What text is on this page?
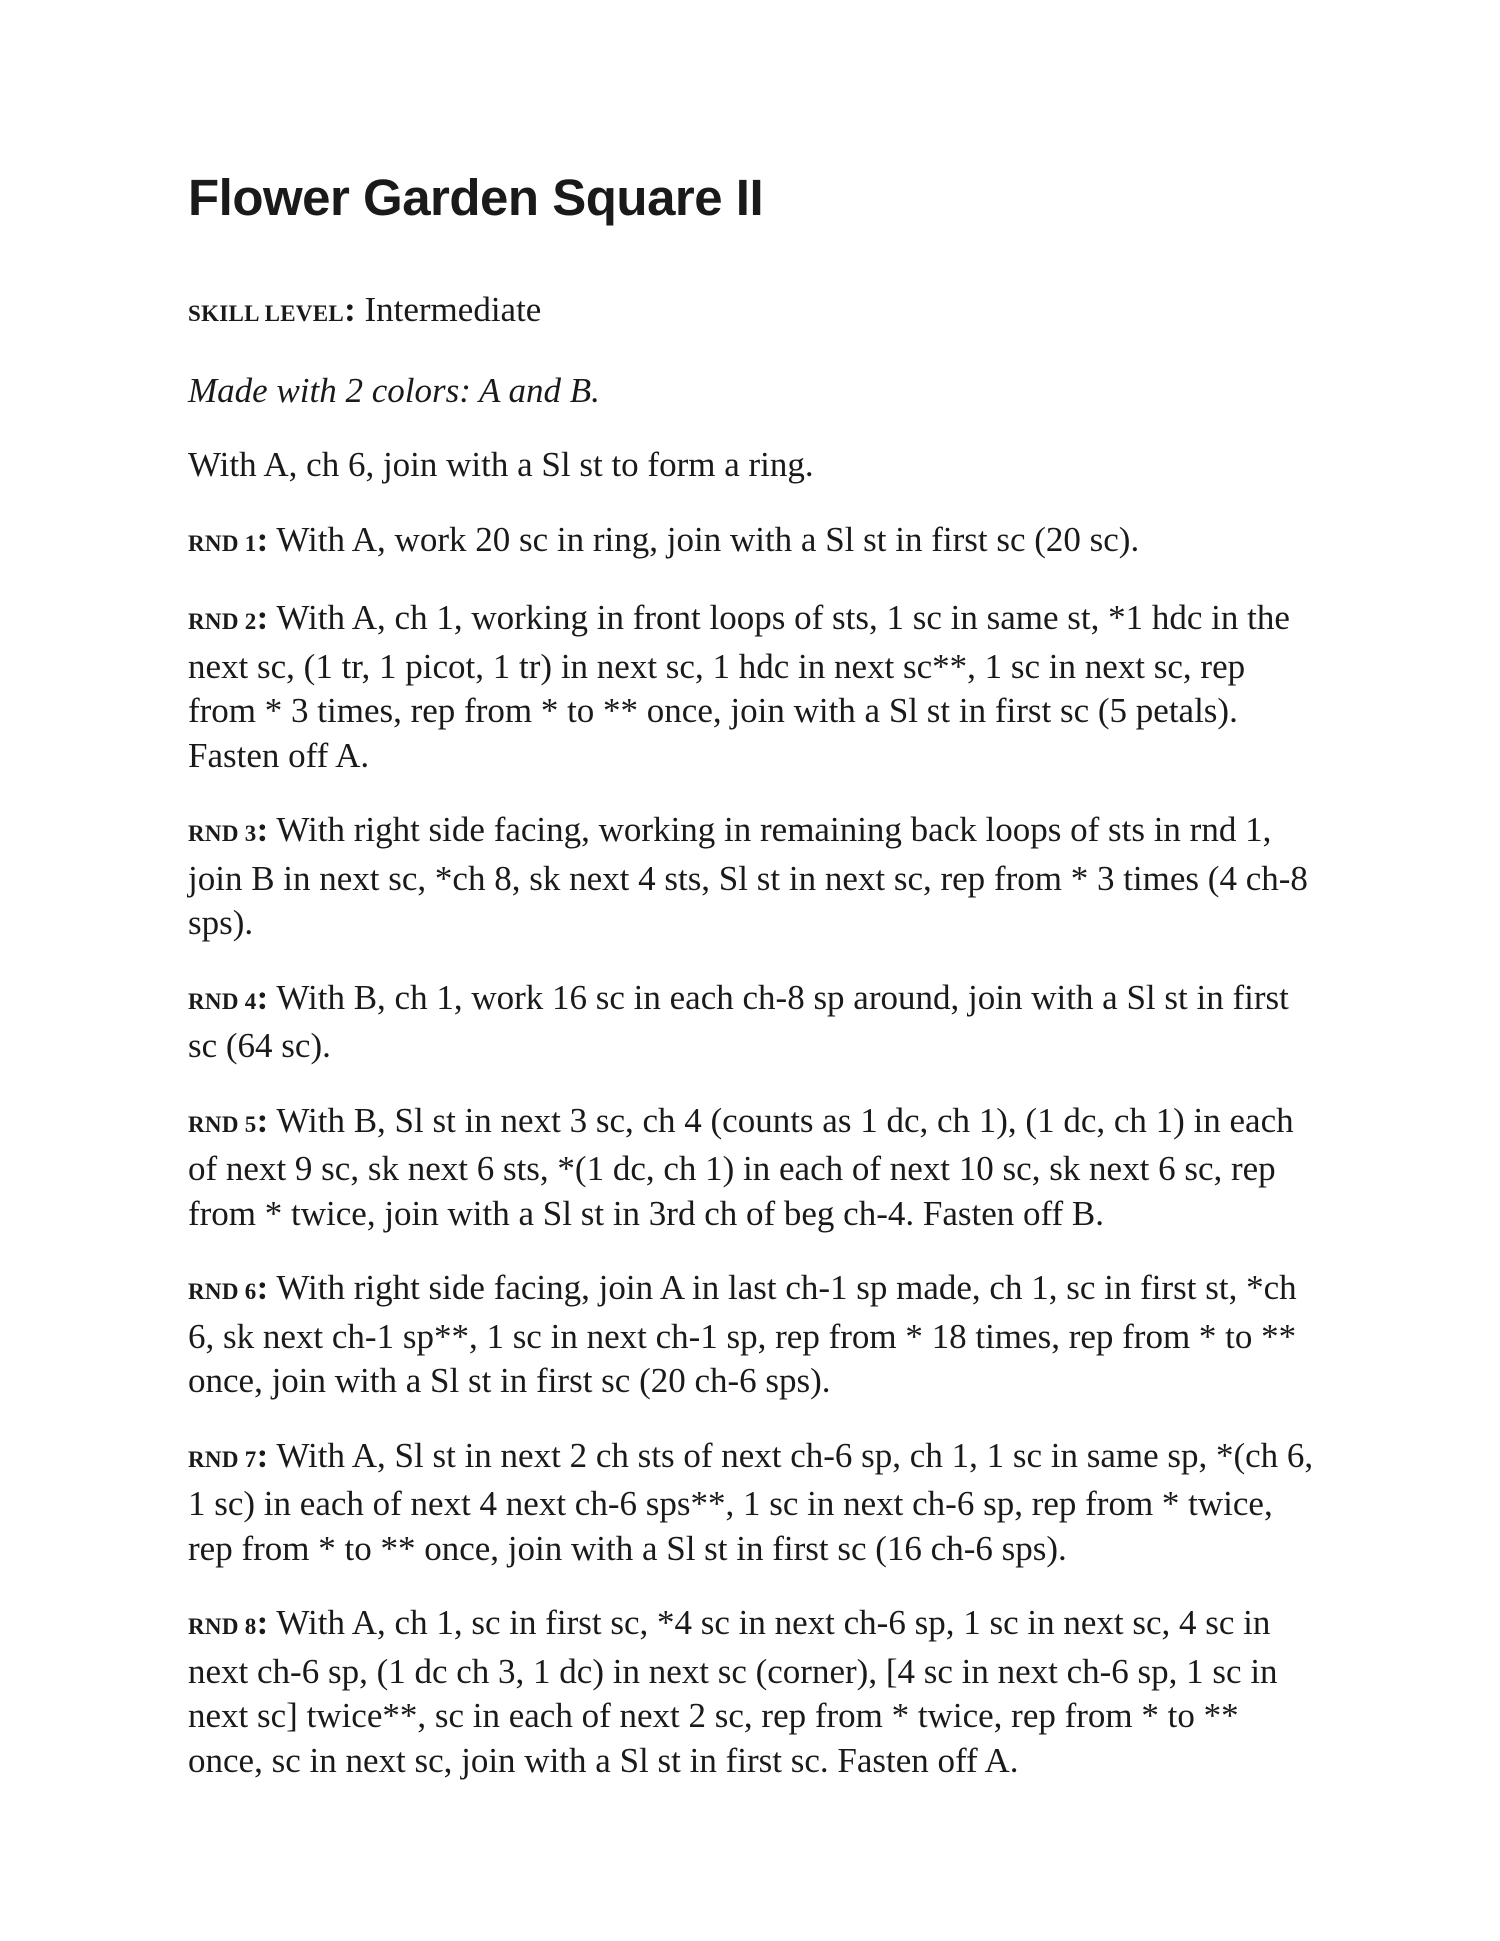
Flower Garden Square II

SKILL LEVEL: Intermediate

Made with 2 colors: A and B.

With A, ch 6, join with a Sl st to form a ring.

RND 1: With A, work 20 sc in ring, join with a Sl st in first sc (20 sc).

RND 2: With A, ch 1, working in front loops of sts, 1 sc in same st, *1 hdc in the next sc, (1 tr, 1 picot, 1 tr) in next sc, 1 hdc in next sc**, 1 sc in next sc, rep from * 3 times, rep from * to ** once, join with a Sl st in first sc (5 petals). Fasten off A.

RND 3: With right side facing, working in remaining back loops of sts in rnd 1, join B in next sc, *ch 8, sk next 4 sts, Sl st in next sc, rep from * 3 times (4 ch-8 sps).

RND 4: With B, ch 1, work 16 sc in each ch-8 sp around, join with a Sl st in first sc (64 sc).

RND 5: With B, Sl st in next 3 sc, ch 4 (counts as 1 dc, ch 1), (1 dc, ch 1) in each of next 9 sc, sk next 6 sts, *(1 dc, ch 1) in each of next 10 sc, sk next 6 sc, rep from * twice, join with a Sl st in 3rd ch of beg ch-4. Fasten off B.

RND 6: With right side facing, join A in last ch-1 sp made, ch 1, sc in first st, *ch 6, sk next ch-1 sp**, 1 sc in next ch-1 sp, rep from * 18 times, rep from * to ** once, join with a Sl st in first sc (20 ch-6 sps).

RND 7: With A, Sl st in next 2 ch sts of next ch-6 sp, ch 1, 1 sc in same sp, *(ch 6, 1 sc) in each of next 4 next ch-6 sps**, 1 sc in next ch-6 sp, rep from * twice, rep from * to ** once, join with a Sl st in first sc (16 ch-6 sps).

RND 8: With A, ch 1, sc in first sc, *4 sc in next ch-6 sp, 1 sc in next sc, 4 sc in next ch-6 sp, (1 dc ch 3, 1 dc) in next sc (corner), [4 sc in next ch-6 sp, 1 sc in next sc] twice**, sc in each of next 2 sc, rep from * twice, rep from * to ** once, sc in next sc, join with a Sl st in first sc. Fasten off A.
